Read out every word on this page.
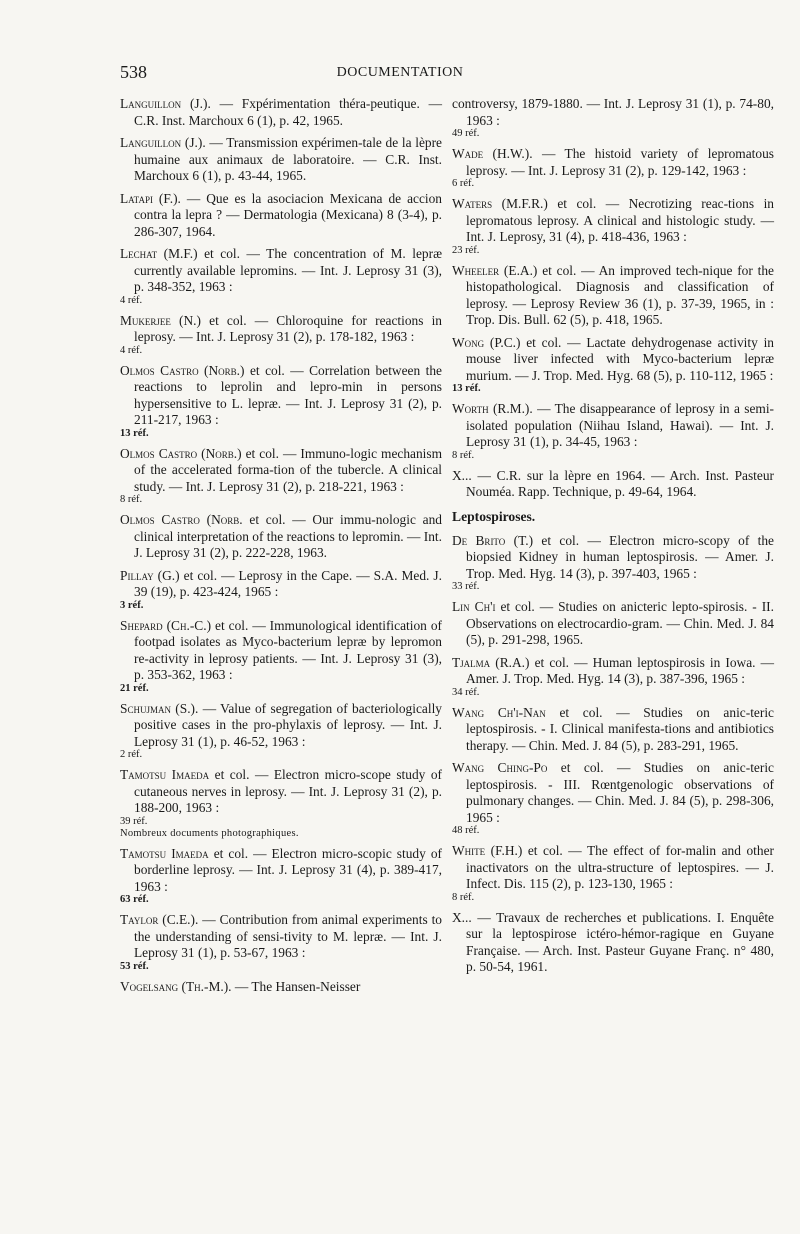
538	DOCUMENTATION
Languillon (J.). — Fxpérimentation théra-peutique. — C.R. Inst. Marchoux 6 (1), p. 42, 1965.
Languillon (J.). — Transmission expérimen-tale de la lèpre humaine aux animaux de laboratoire. — C.R. Inst. Marchoux 6 (1), p. 43-44, 1965.
Latapi (F.). — Que es la asociacion Mexicana de accion contra la lepra ? — Dermatologia (Mexicana) 8 (3-4), p. 286-307, 1964.
Lechat (M.F.) et col. — The concentration of M. lepræ currently available lepromins. — Int. J. Leprosy 31 (3), p. 348-352, 1963 :
4 réf.
Mukerjee (N.) et col. — Chloroquine for reactions in leprosy. — Int. J. Leprosy 31 (2), p. 178-182, 1963 :
4 réf.
Olmos Castro (Norb.) et col. — Correlation between the reactions to leprolin and lepro-min in persons hypersensitive to L. lepræ. — Int. J. Leprosy 31 (2), p. 211-217, 1963 :
13 réf.
Olmos Castro (Norb.) et col. — Immuno-logic mechanism of the accelerated forma-tion of the tubercle. A clinical study. — Int. J. Leprosy 31 (2), p. 218-221, 1963 :
8 réf.
Olmos Castro (Norb. et col. — Our immu-nologic and clinical interpretation of the reactions to lepromin. — Int. J. Leprosy 31 (2), p. 222-228, 1963.
Pillay (G.) et col. — Leprosy in the Cape. — S.A. Med. J. 39 (19), p. 423-424, 1965 :
3 réf.
Shepard (Ch.-C.) et col. — Immunological identification of footpad isolates as Myco-bacterium lepræ by lepromon re-activity in leprosy patients. — Int. J. Leprosy 31 (3), p. 353-362, 1963 :
21 réf.
Schujman (S.). — Value of segregation of bacteriologically positive cases in the pro-phylaxis of leprosy. — Int. J. Leprosy 31 (1), p. 46-52, 1963 :
2 réf.
Tamotsu Imaeda et col. — Electron micro-scope study of cutaneous nerves in leprosy. — Int. J. Leprosy 31 (2), p. 188-200, 1963 :
39 réf.
Nombreux documents photographiques.
Tamotsu Imaeda et col. — Electron micro-scopic study of borderline leprosy. — Int. J. Leprosy 31 (4), p. 389-417, 1963 :
63 réf.
Taylor (C.E.). — Contribution from animal experiments to the understanding of sensi-tivity to M. lepræ. — Int. J. Leprosy 31 (1), p. 53-67, 1963 :
53 réf.
Vogelsang (Th.-M.). — The Hansen-Neisser
controversy, 1879-1880. — Int. J. Leprosy 31 (1), p. 74-80, 1963 :
49 réf.
Wade (H.W.). — The histoid variety of lepromatous leprosy. — Int. J. Leprosy 31 (2), p. 129-142, 1963 :
6 réf.
Waters (M.F.R.) et col. — Necrotizing reac-tions in lepromatous leprosy. A clinical and histologic study. — Int. J. Leprosy, 31 (4), p. 418-436, 1963 :
23 réf.
Wheeler (E.A.) et col. — An improved tech-nique for the histopathological. Diagnosis and classification of leprosy. — Leprosy Review 36 (1), p. 37-39, 1965, in : Trop. Dis. Bull. 62 (5), p. 418, 1965.
Wong (P.C.) et col. — Lactate dehydrogenase activity in mouse liver infected with Myco-bacterium lepræ murium. — J. Trop. Med. Hyg. 68 (5), p. 110-112, 1965 :
13 réf.
Worth (R.M.). — The disappearance of leprosy in a semi-isolated population (Niihau Island, Hawai). — Int. J. Leprosy 31 (1), p. 34-45, 1963 :
8 réf.
X... — C.R. sur la lèpre en 1964. — Arch. Inst. Pasteur Nouméa. Rapp. Technique, p. 49-64, 1964.
Leptospiroses.
De Brito (T.) et col. — Electron micro-scopy of the biopsied Kidney in human leptospirosis. — Amer. J. Trop. Med. Hyg. 14 (3), p. 397-403, 1965 :
33 réf.
Lin Ch'i et col. — Studies on anicteric lepto-spirosis. - II. Observations on electrocardio-gram. — Chin. Med. J. 84 (5), p. 291-298, 1965.
Tjalma (R.A.) et col. — Human leptospirosis in Iowa. — Amer. J. Trop. Med. Hyg. 14 (3), p. 387-396, 1965 :
34 réf.
Wang Ch'i-Nan et col. — Studies on anic-teric leptospirosis. - I. Clinical manifesta-tions and antibiotics therapy. — Chin. Med. J. 84 (5), p. 283-291, 1965.
Wang Ching-Po et col. — Studies on anic-teric leptospirosis. - III. Rœntgenologic observations of pulmonary changes. — Chin. Med. J. 84 (5), p. 298-306, 1965 :
48 réf.
White (F.H.) et col. — The effect of for-malin and other inactivators on the ultra-structure of leptospires. — J. Infect. Dis. 115 (2), p. 123-130, 1965 :
8 réf.
X... — Travaux de recherches et publications. I. Enquête sur la leptospirose ictéro-hémor-ragique en Guyane Française. — Arch. Inst. Pasteur Guyane Franç. n° 480, p. 50-54, 1961.
